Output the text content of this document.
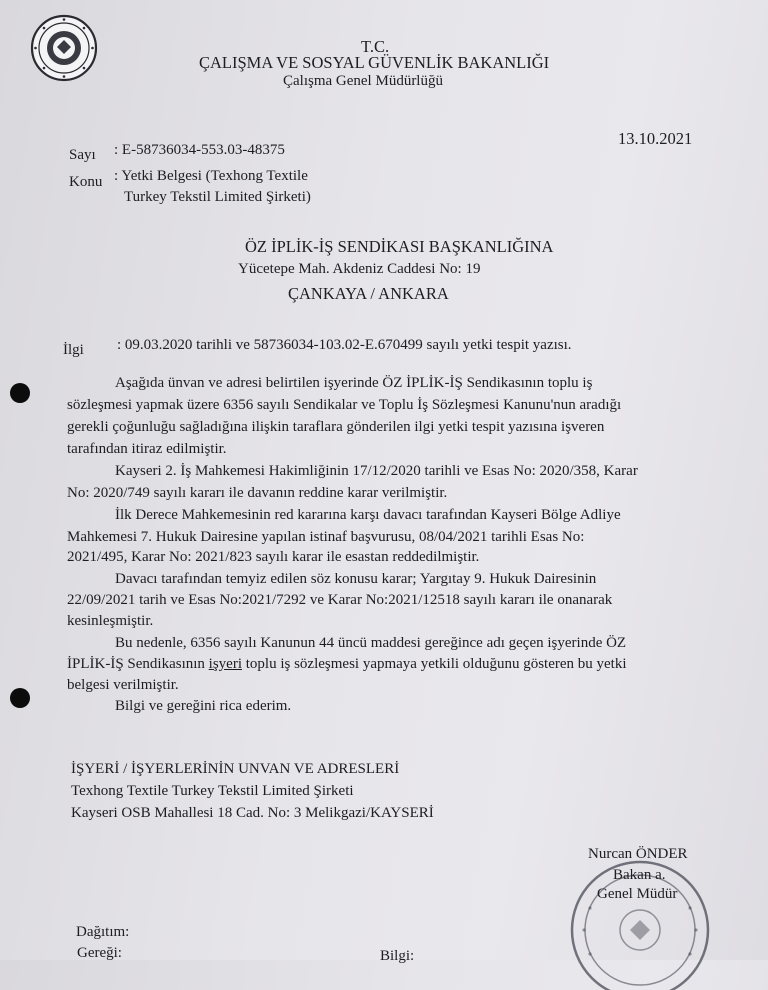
T.C.
ÇALIŞMA VE SOSYAL GÜVENLİK BAKANLIĞI
Çalışma Genel Müdürlüğü
13.10.2021
Sayı : E-58736034-553.03-48375
Konu : Yetki Belgesi (Texhong Textile
Turkey Tekstil Limited Şirketi)
ÖZ İPLİK-İŞ SENDİKASI BAŞKANLIĞINA
Yücetepe Mah. Akdeniz Caddesi No: 19
ÇANKAYA / ANKARA
İlgi : 09.03.2020 tarihli ve 58736034-103.02-E.670499 sayılı yetki tespit yazısı.
Aşağıda ünvan ve adresi belirtilen işyerinde ÖZ İPLİK-İŞ Sendikasının toplu iş
sözleşmesi yapmak üzere 6356 sayılı Sendikalar ve Toplu İş Sözleşmesi Kanunu'nun aradığı
gerekli çoğunluğu sağladığına ilişkin taraflara gönderilen ilgi yetki tespit yazısına işveren
tarafından itiraz edilmiştir.
Kayseri 2. İş Mahkemesi Hakimliğinin 17/12/2020 tarihli ve Esas No: 2020/358, Karar
No: 2020/749 sayılı kararı ile davanın reddine karar verilmiştir.
İlk Derece Mahkemesinin red kararına karşı davacı tarafından Kayseri Bölge Adliye
Mahkemesi 7. Hukuk Dairesine yapılan istinaf başvurusu, 08/04/2021 tarihli Esas No:
2021/495, Karar No: 2021/823 sayılı karar ile esastan reddedilmiştir.
Davacı tarafından temyiz edilen söz konusu karar; Yargıtay 9. Hukuk Dairesinin
22/09/2021 tarih ve Esas No:2021/7292 ve Karar No:2021/12518 sayılı kararı ile onanarak
kesinleşmiştir.
Bu nedenle, 6356 sayılı Kanunun 44 üncü maddesi gereğince adı geçen işyerinde ÖZ
İPLİK-İŞ Sendikasının işyeri toplu iş sözleşmesi yapmaya yetkili olduğunu gösteren bu yetki
belgesi verilmiştir.
Bilgi ve gereğini rica ederim.
İŞYERİ / İŞYERLERİNİN UNVAN VE ADRESLERİ
Texhong Textile Turkey Tekstil Limited Şirketi
Kayseri OSB Mahallesi 18 Cad. No: 3 Melikgazi/KAYSERİ
Nurcan ÖNDER
Bakan a.
Genel Müdür
Dağıtım:
Gereği:	Bilgi:
